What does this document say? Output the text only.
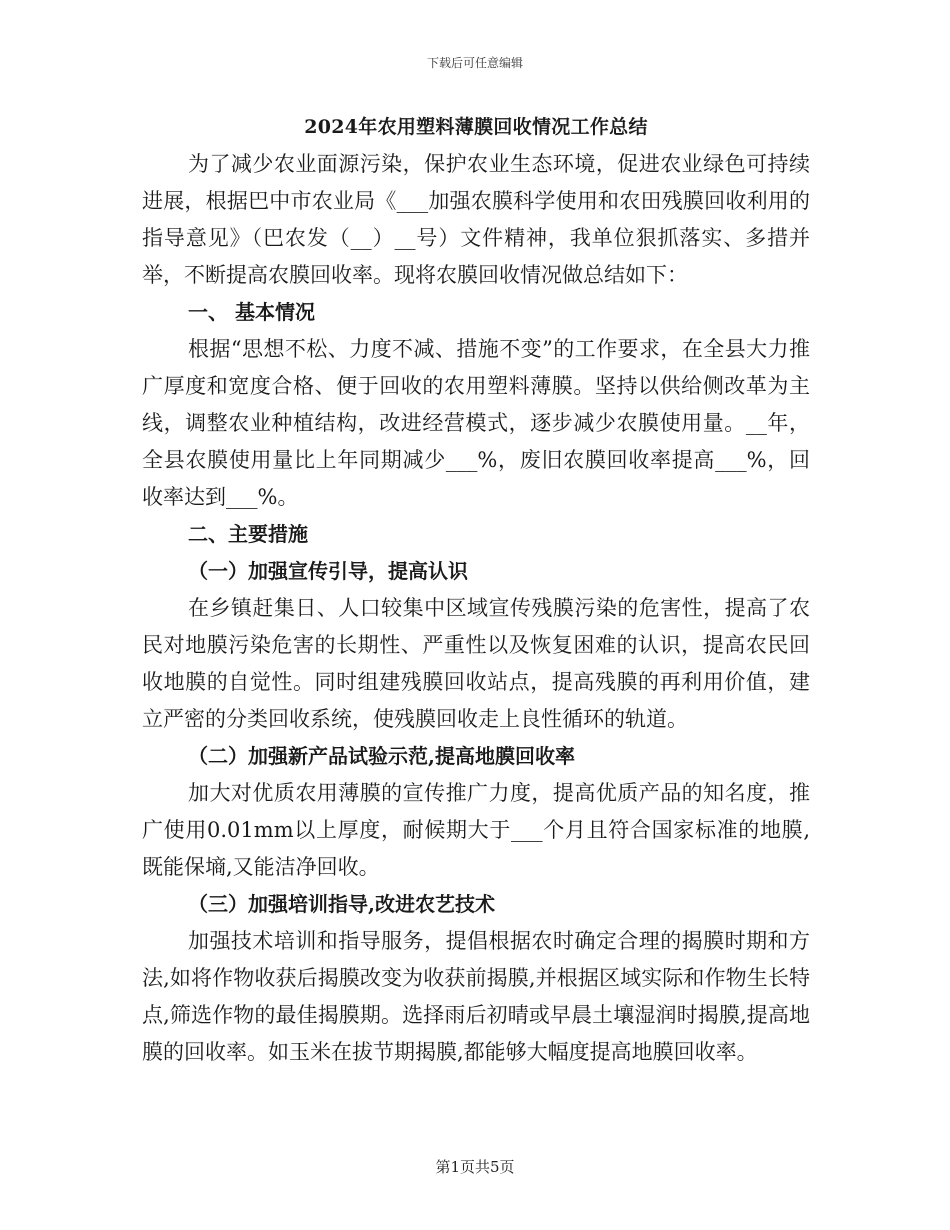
下载后可任意编辑
2024年农用塑料薄膜回收情况工作总结

为了减少农业面源污染，保护农业生态环境，促进农业绿色可持续进展，根据巴中市农业局《___加强农膜科学使用和农田残膜回收利用的指导意见》（巴农发（__）__号）文件精神，我单位狠抓落实、多措并举，不断提高农膜回收率。现将农膜回收情况做总结如下：

一、 基本情况

根据“思想不松、力度不减、措施不变”的工作要求，在全县大力推广厚度和宽度合格、便于回收的农用塑料薄膜。坚持以供给侧改革为主线，调整农业种植结构，改进经营模式，逐步减少农膜使用量。__年，全县农膜使用量比上年同期减少___%，废旧农膜回收率提高___%，回收率达到___%。

二、主要措施

（一）加强宣传引导，提高认识

在乡镇赶集日、人口较集中区域宣传残膜污染的危害性，提高了农民对地膜污染危害的长期性、严重性以及恢复困难的认识，提高农民回收地膜的自觉性。同时组建残膜回收站点，提高残膜的再利用价值，建立严密的分类回收系统，使残膜回收走上良性循环的轨道。

（二）加强新产品试验示范,提高地膜回收率

加大对优质农用薄膜的宣传推广力度，提高优质产品的知名度，推广使用0.01mm以上厚度，耐候期大于___个月且符合国家标准的地膜,既能保墒,又能洁净回收。

（三）加强培训指导,改进农艺技术

加强技术培训和指导服务，提倡根据农时确定合理的揭膜时期和方法,如将作物收获后揭膜改变为收获前揭膜,并根据区域实际和作物生长特点,筛选作物的最佳揭膜期。选择雨后初晴或早晨土壤湿润时揭膜,提高地膜的回收率。如玉米在拔节期揭膜,都能够大幅度提高地膜回收率。

第1页共5页
